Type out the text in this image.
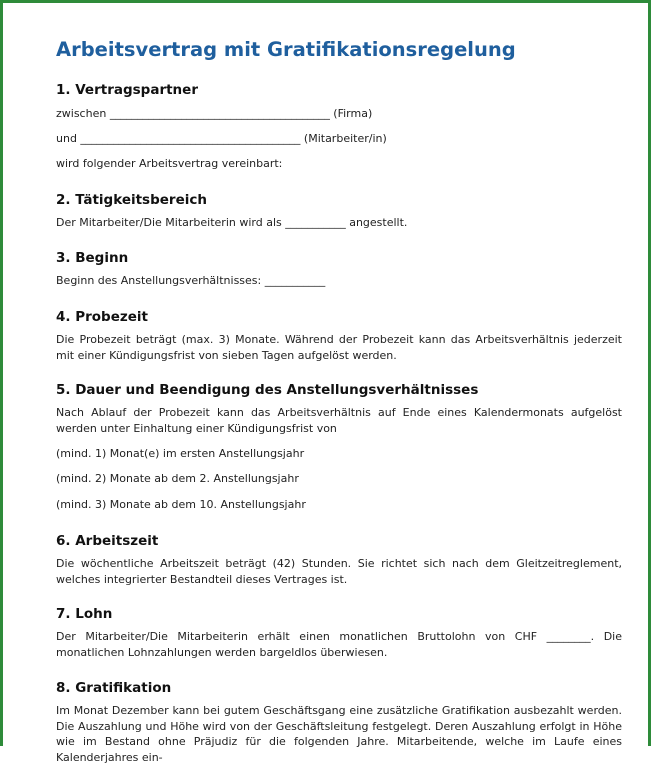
Arbeitsvertrag mit Gratifikationsregelung
1. Vertragspartner

zwischen ________________________________________ (Firma)

und ________________________________________ (Mitarbeiter/in)

wird folgender Arbeitsvertrag vereinbart:

2. Tätigkeitsbereich

Der Mitarbeiter/Die Mitarbeiterin wird als ___________ angestellt.

3. Beginn

Beginn des Anstellungsverhältnisses: ___________

4. Probezeit

Die Probezeit beträgt (max. 3) Monate. Während der Probezeit kann das Arbeitsverhältnis jederzeit mit einer Kündigungsfrist von sieben Tagen aufgelöst werden.

5. Dauer und Beendigung des Anstellungsverhältnisses

Nach Ablauf der Probezeit kann das Arbeitsverhältnis auf Ende eines Kalendermonats aufgelöst werden unter Einhaltung einer Kündigungsfrist von

(mind. 1) Monat(e) im ersten Anstellungsjahr

(mind. 2) Monate ab dem 2. Anstellungsjahr

(mind. 3) Monate ab dem 10. Anstellungsjahr

6. Arbeitszeit

Die wöchentliche Arbeitszeit beträgt (42) Stunden. Sie richtet sich nach dem Gleitzeitreglement, welches integrierter Bestandteil dieses Vertrages ist.

7. Lohn

Der Mitarbeiter/Die Mitarbeiterin erhält einen monatlichen Bruttolohn von CHF ________. Die monatlichen Lohnzahlungen werden bargeldlos überwiesen.

8. Gratifikation

Im Monat Dezember kann bei gutem Geschäftsgang eine zusätzliche Gratifikation ausbezahlt werden. Die Auszahlung und Höhe wird von der Geschäftsleitung festgelegt. Deren Auszahlung erfolgt in Höhe wie im Bestand ohne Präjudiz für die folgenden Jahre. Mitarbeitende, welche im Laufe eines Kalenderjahres ein-
